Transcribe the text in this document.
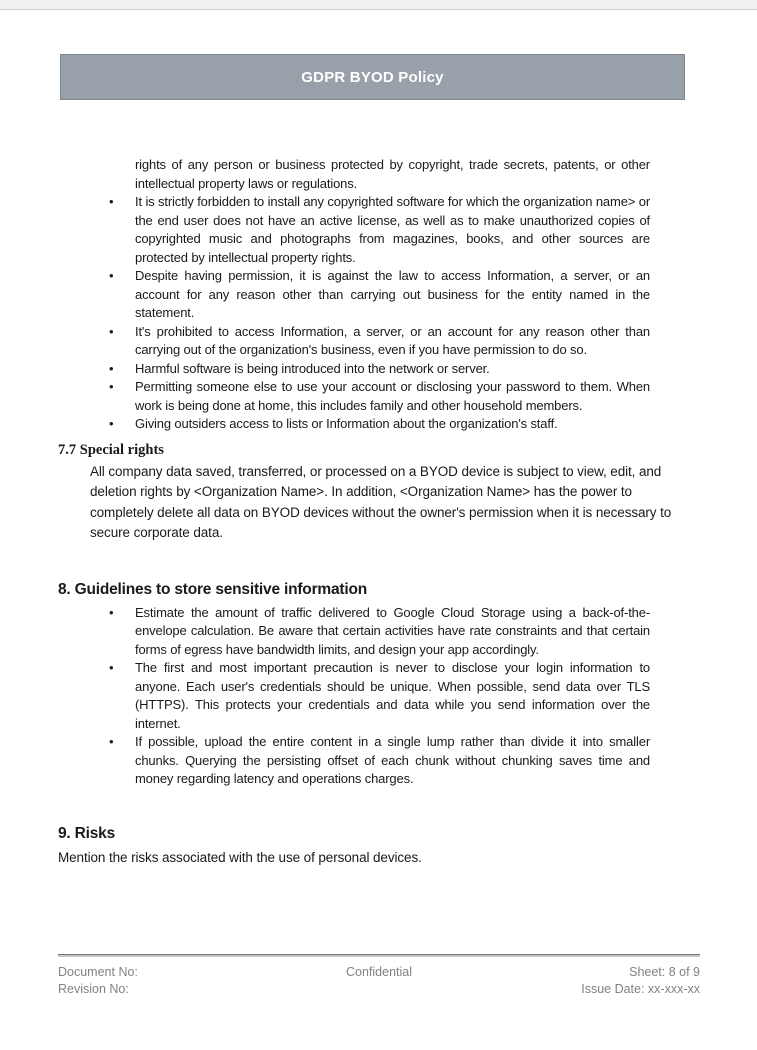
GDPR BYOD Policy

rights of any person or business protected by copyright, trade secrets, patents, or other intellectual property laws or regulations.

• It is strictly forbidden to install any copyrighted software for which the organization name> or the end user does not have an active license, as well as to make unauthorized copies of copyrighted music and photographs from magazines, books, and other sources are protected by intellectual property rights.
• Despite having permission, it is against the law to access Information, a server, or an account for any reason other than carrying out business for the entity named in the statement.
• It's prohibited to access Information, a server, or an account for any reason other than carrying out of the organization's business, even if you have permission to do so.
• Harmful software is being introduced into the network or server.
• Permitting someone else to use your account or disclosing your password to them. When work is being done at home, this includes family and other household members.
• Giving outsiders access to lists or Information about the organization's staff.
7.7 Special rights

All company data saved, transferred, or processed on a BYOD device is subject to view, edit, and deletion rights by <Organization Name>. In addition, <Organization Name> has the power to completely delete all data on BYOD devices without the owner's permission when it is necessary to secure corporate data.

8. Guidelines to store sensitive information
• Estimate the amount of traffic delivered to Google Cloud Storage using a back-of-the-envelope calculation. Be aware that certain activities have rate constraints and that certain forms of egress have bandwidth limits, and design your app accordingly.
• The first and most important precaution is never to disclose your login information to anyone. Each user's credentials should be unique. When possible, send data over TLS (HTTPS). This protects your credentials and data while you send information over the internet.
• If possible, upload the entire content in a single lump rather than divide it into smaller chunks. Querying the persisting offset of each chunk without chunking saves time and money regarding latency and operations charges.
9. Risks

Mention the risks associated with the use of personal devices.

Document No:
Revision No:
Confidential	Sheet: 8 of 9
Issue Date: xx-xxx-xx
